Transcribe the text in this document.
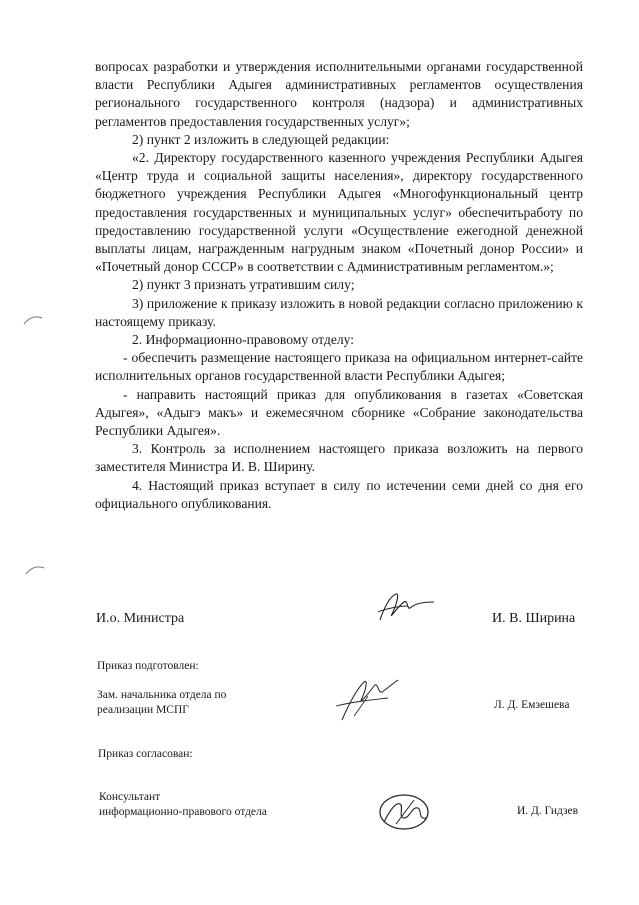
вопросах разработки и утверждения исполнительными органами государственной власти Республики Адыгея административных регламентов осуществления регионального государственного контроля (надзора) и административных регламентов предоставления государственных услуг»;

2) пункт 2 изложить в следующей редакции:

«2. Директору государственного казенного учреждения Республики Адыгея «Центр труда и социальной защиты населения», директору государственного бюджетного учреждения Республики Адыгея «Многофункциональный центр предоставления государственных и муниципальных услуг» обеспечитьработу по предоставлению государственной услуги «Осуществление ежегодной денежной выплаты лицам, награжденным нагрудным знаком «Почетный донор России» и «Почетный донор СССР» в соответствии с Административным регламентом.»;

2) пункт 3 признать утратившим силу;

3) приложение к приказу изложить в новой редакции согласно приложению к настоящему приказу.

2. Информационно-правовому отделу:

- обеспечить размещение настоящего приказа на официальном интернет-сайте исполнительных органов государственной власти Республики Адыгея;

- направить настоящий приказ для опубликования в газетах «Советская Адыгея», «Адыгэ макъ» и ежемесячном сборнике «Собрание законодательства Республики Адыгея».

3. Контроль за исполнением настоящего приказа возложить на первого заместителя Министра И. В. Ширину.

4. Настоящий приказ вступает в силу по истечении семи дней со дня его официального опубликования.

И.о. Министра	И. В. Ширина
Приказ подготовлен:
Зам. начальника отдела по
реализации МСПГ	Л. Д. Емзешева
Приказ согласован:
Консультант
информационно-правового отдела	И. Д. Гидзев
